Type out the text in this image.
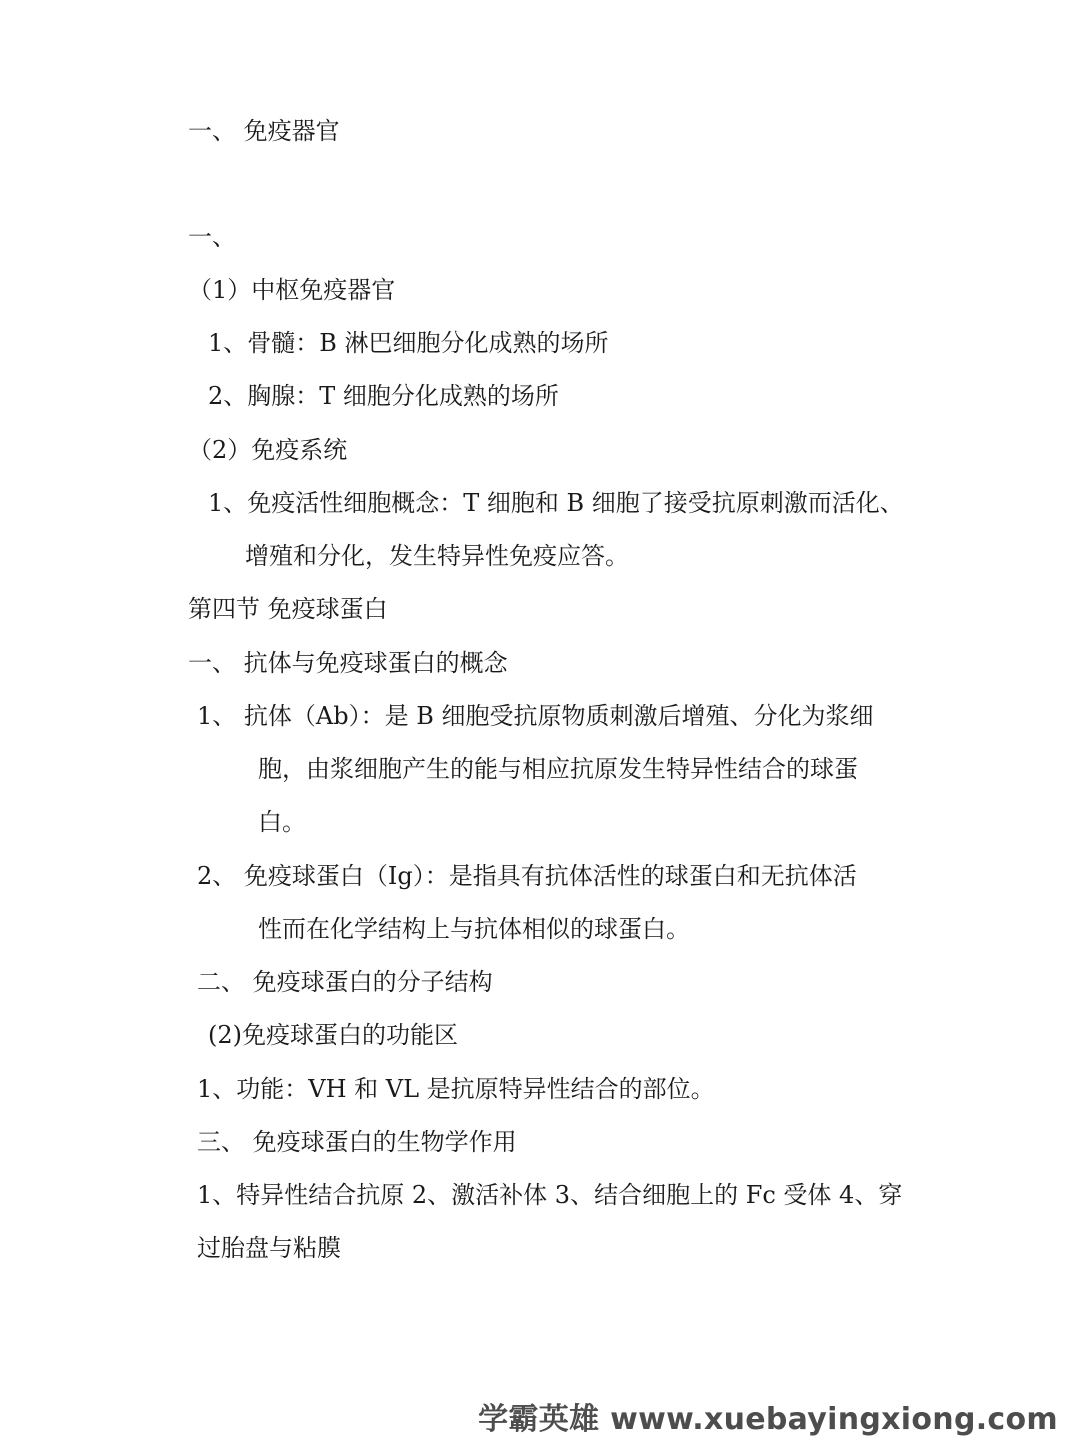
一、 免疫器官
一、
（1）中枢免疫器官
1、骨髓：B 淋巴细胞分化成熟的场所
2、胸腺：T 细胞分化成熟的场所
（2）免疫系统
1、免疫活性细胞概念：T 细胞和 B 细胞了接受抗原刺激而活化、
增殖和分化，发生特异性免疫应答。
第四节 免疫球蛋白
一、 抗体与免疫球蛋白的概念
1、 抗体（Ab）：是 B 细胞受抗原物质刺激后增殖、分化为浆细
胞，由浆细胞产生的能与相应抗原发生特异性结合的球蛋
白。
2、 免疫球蛋白（Ig）：是指具有抗体活性的球蛋白和无抗体活
性而在化学结构上与抗体相似的球蛋白。
二、 免疫球蛋白的分子结构
(2)免疫球蛋白的功能区
1、功能：VH 和 VL 是抗原特异性结合的部位。
三、 免疫球蛋白的生物学作用
1、特异性结合抗原 2、激活补体 3、结合细胞上的 Fc 受体 4、穿
过胎盘与粘膜
学霸英雄 www.xuebayingxiong.com
